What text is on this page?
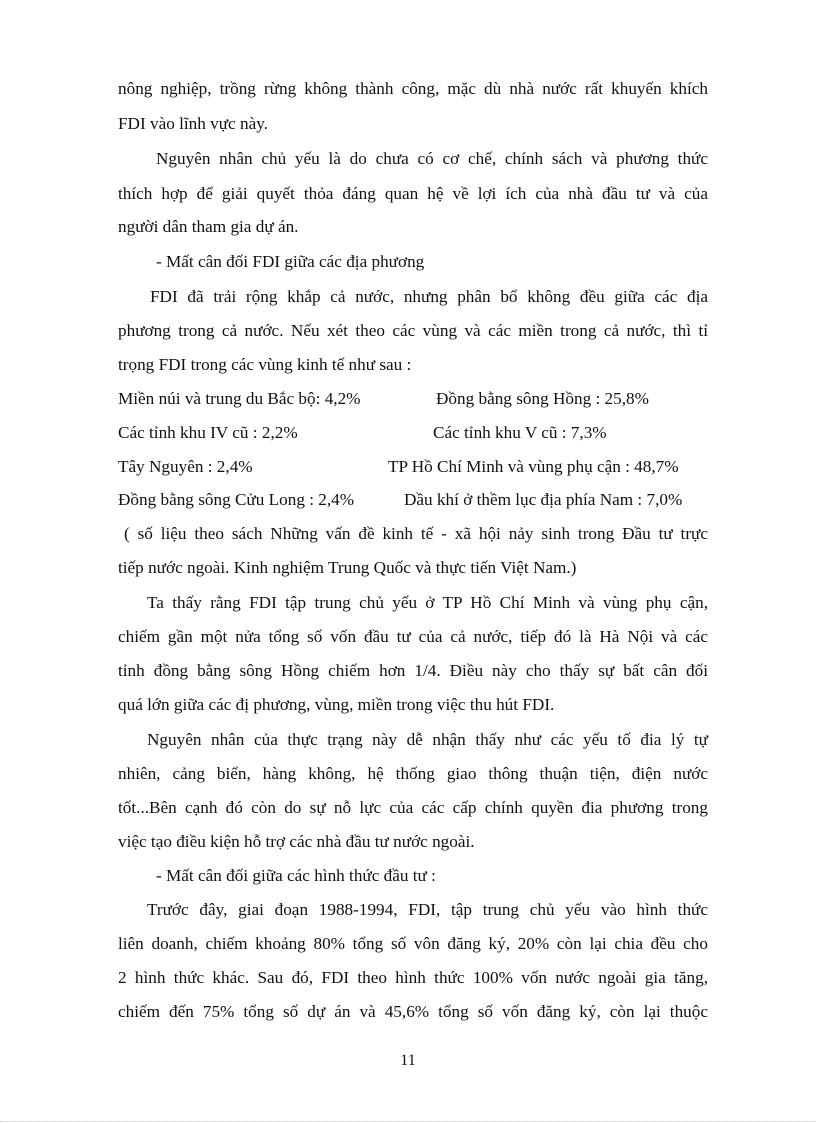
nông nghiệp, trồng rừng không thành công, mặc dù nhà nước rất khuyến khích
FDI vào lĩnh vực này.
Nguyên nhân chủ yếu là do chưa có cơ chế, chính sách và phương thức
thích hợp để giải quyết thỏa đáng quan hệ về lợi ích của nhà đầu tư và của
người dân tham gia dự án.
- Mất cân đối FDI giữa các địa phương
FDI đã trải rộng khắp cả nước, nhưng phân bổ không đều giữa các địa
phương trong cả nước. Nếu xét theo các vùng và các miền trong cả nước, thì tỉ
trọng FDI trong các vùng kinh tế như sau :
Miền núi và trung du Bắc bộ: 4,2%	Đồng bằng sông Hồng : 25,8%
Các tỉnh khu IV cũ : 2,2%	Các tỉnh khu V cũ : 7,3%
Tây Nguyên : 2,4%	TP Hồ Chí Minh và vùng phụ cận : 48,7%
Đồng bằng sông Cửu Long : 2,4%	Dầu khí ở thềm lục địa phía Nam : 7,0%
( số liệu theo sách Những vấn đề kinh tế - xã hội nảy sinh trong Đầu tư trực
tiếp nước ngoài. Kinh nghiệm Trung Quốc và thực tiến Việt Nam.)
Ta thấy rằng FDI tập trung chủ yếu ở TP Hồ Chí Minh và vùng phụ cận,
chiếm gần một nửa tổng số vốn đầu tư của cả nước, tiếp đó là Hà Nội và các
tỉnh đồng bằng sông Hồng chiếm hơn 1/4. Điều này cho thấy sự bất cân đối
quá lớn giữa các đị phương, vùng, miền trong việc thu hút FDI.
Nguyên nhân của thực trạng này dễ nhận thấy như các yếu tố đia lý tự
nhiên, cảng biển, hàng không, hệ thống giao thông thuận tiện, điện nước
tốt...Bên cạnh đó còn do sự nỗ lực của các cấp chính quyền đia phương trong
việc tạo điều kiện hỗ trợ các nhà đầu tư nước ngoài.
- Mất cân đối giữa các hình thức đầu tư :
Trước đây, giai đoạn 1988-1994, FDI, tập trung chủ yếu vào hình thức
liên doanh, chiếm khoảng 80% tổng số vôn đăng ký, 20% còn lại chia đều cho
2 hình thức khác. Sau đó, FDI theo hình thức 100% vốn nước ngoài gia tăng,
chiếm đến 75% tổng số dự án và 45,6% tổng số vốn đăng ký, còn lại thuộc
11
